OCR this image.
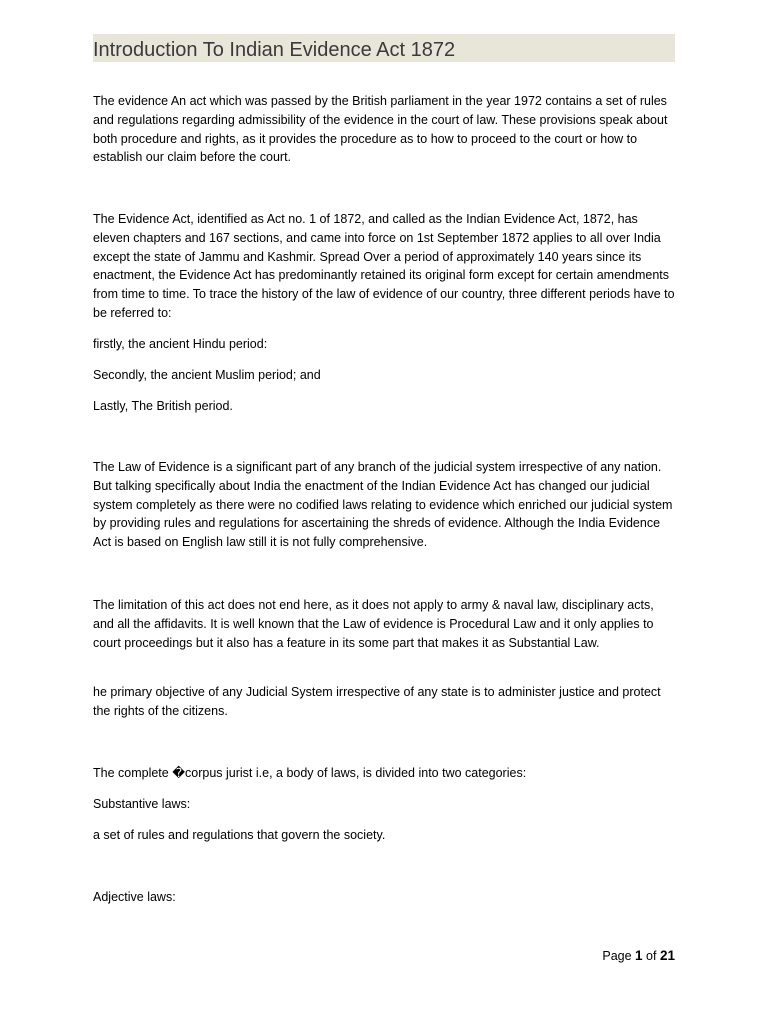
Introduction To Indian Evidence Act 1872
The evidence An act which was passed by the British parliament in the year 1972 contains a set of rules and regulations regarding admissibility of the evidence in the court of law. These provisions speak about both procedure and rights, as it provides the procedure as to how to proceed to the court or how to establish our claim before the court.
The Evidence Act, identified as Act no. 1 of 1872, and called as the Indian Evidence Act, 1872, has eleven chapters and 167 sections, and came into force on 1st September 1872 applies to all over India except the state of Jammu and Kashmir. Spread Over a period of approximately 140 years since its enactment, the Evidence Act has predominantly retained its original form except for certain amendments from time to time. To trace the history of the law of evidence of our country, three different periods have to be referred to:
firstly, the ancient Hindu period:
Secondly, the ancient Muslim period; and
Lastly, The British period.
The Law of Evidence is a significant part of any branch of the judicial system irrespective of any nation. But talking specifically about India the enactment of the Indian Evidence Act has changed our judicial system completely as there were no codified laws relating to evidence which enriched our judicial system by providing rules and regulations for ascertaining the shreds of evidence. Although the India Evidence Act is based on English law still it is not fully comprehensive.
The limitation of this act does not end here, as it does not apply to army & naval law, disciplinary acts, and all the affidavits. It is well known that the Law of evidence is Procedural Law and it only applies to court proceedings but it also has a feature in its some part that makes it as Substantial Law.
he primary objective of any Judicial System irrespective of any state is to administer justice and protect the rights of the citizens.
The complete �corpus jurist i.e, a body of laws, is divided into two categories:
Substantive laws:
a set of rules and regulations that govern the society.
Adjective laws:
Page 1 of 21
